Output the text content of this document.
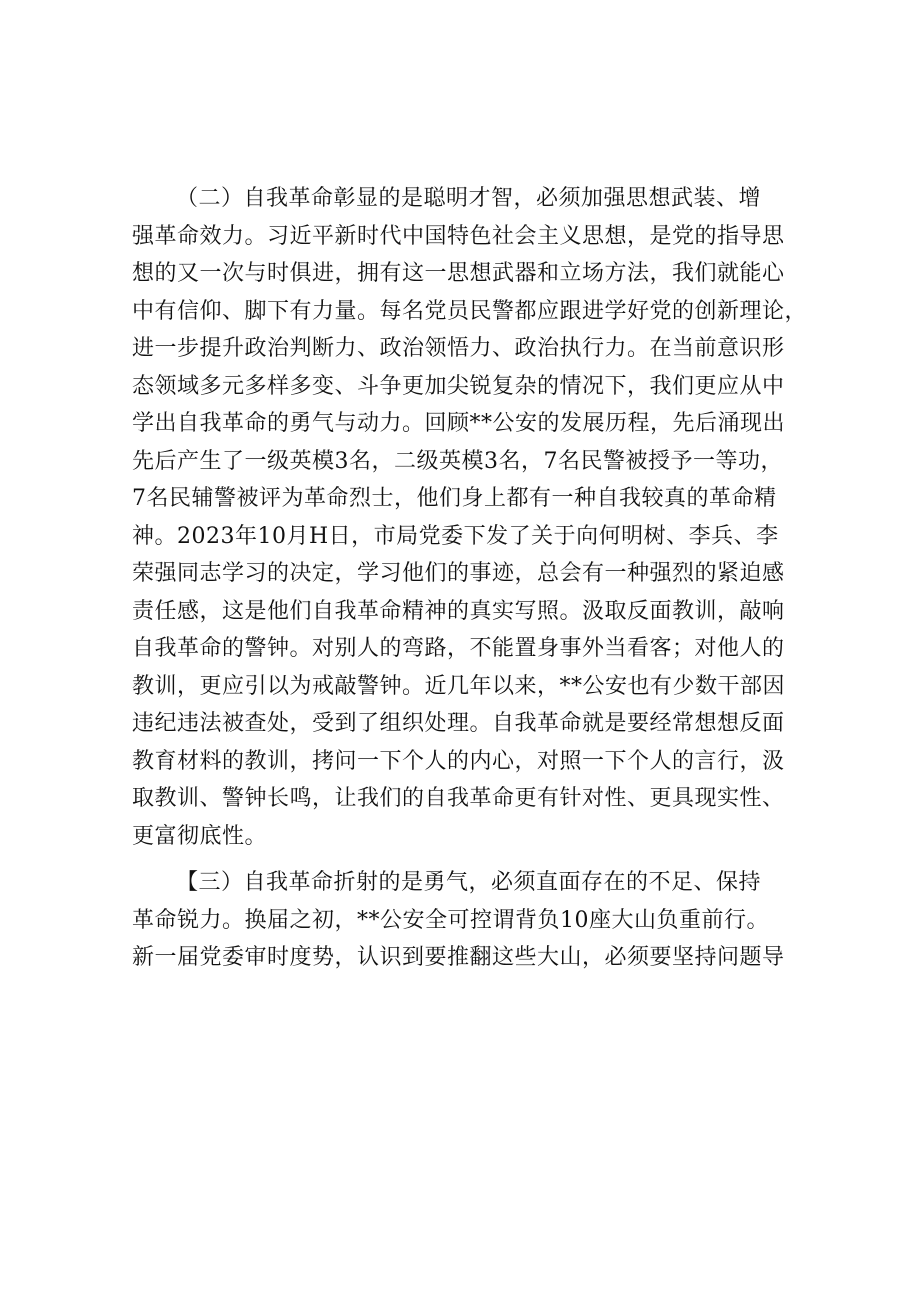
（二）自我革命彰显的是聪明才智，必须加强思想武装、增
强革命效力。习近平新时代中国特色社会主义思想，是党的指导思
想的又一次与时俱进，拥有这一思想武器和立场方法，我们就能心
中有信仰、脚下有力量。每名党员民警都应跟进学好党的创新理论，
进一步提升政治判断力、政治领悟力、政治执行力。在当前意识形
态领域多元多样多变、斗争更加尖锐复杂的情况下，我们更应从中
学出自我革命的勇气与动力。回顾**公安的发展历程，先后涌现出
先后产生了一级英模3名，二级英模3名，7名民警被授予一等功，
7名民辅警被评为革命烈士，他们身上都有一种自我较真的革命精
神。2023年10月H日，市局党委下发了关于向何明树、李兵、李
荣强同志学习的决定，学习他们的事迹，总会有一种强烈的紧迫感
责任感，这是他们自我革命精神的真实写照。汲取反面教训，敲响
自我革命的警钟。对别人的弯路，不能置身事外当看客；对他人的
教训，更应引以为戒敲警钟。近几年以来，**公安也有少数干部因
违纪违法被查处，受到了组织处理。自我革命就是要经常想想反面
教育材料的教训，拷问一下个人的内心，对照一下个人的言行，汲
取教训、警钟长鸣，让我们的自我革命更有针对性、更具现实性、
更富彻底性。

【三）自我革命折射的是勇气，必须直面存在的不足、保持
革命锐力。换届之初，**公安全可控谓背负10座大山负重前行。
新一届党委审时度势，认识到要推翻这些大山，必须要坚持问题导
